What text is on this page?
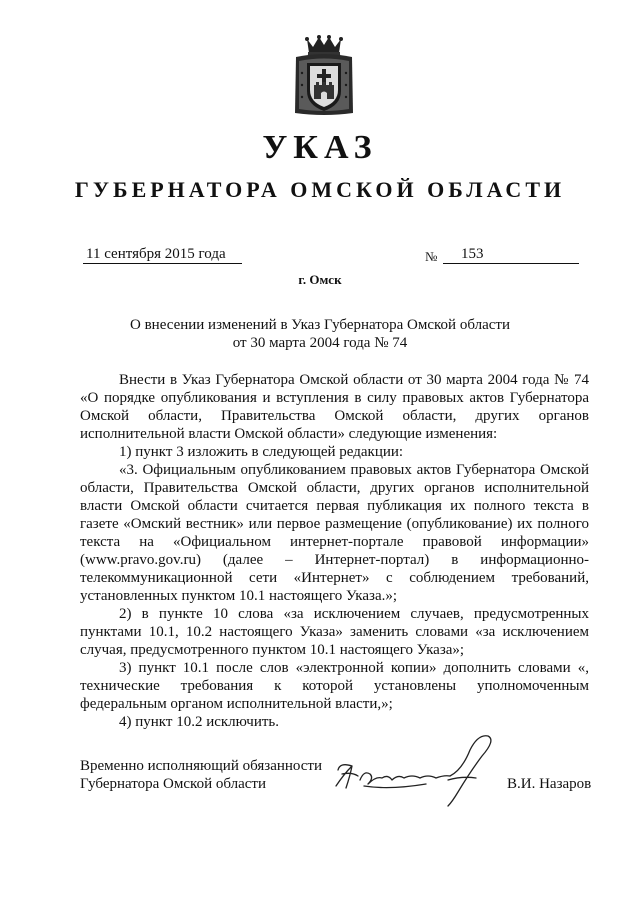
УКАЗ
ГУБЕРНАТОРА ОМСКОЙ ОБЛАСТИ
11 сентября 2015 года	№	153
г. Омск
О внесении изменений в Указ Губернатора Омской области
от 30 марта 2004 года № 74

Внести в Указ Губернатора Омской области от 30 марта 2004 года № 74 «О порядке опубликования и вступления в силу правовых актов Губернатора Омской области, Правительства Омской области, других органов исполнительной власти Омской области» следующие изменения:

1) пункт 3 изложить в следующей редакции:

«3. Официальным опубликованием правовых актов Губернатора Омской области, Правительства Омской области, других органов исполнительной власти Омской области считается первая публикация их полного текста в газете «Омский вестник» или первое размещение (опубликование) их полного текста на «Официальном интернет-портале правовой информации» (www.pravo.gov.ru) (далее – Интернет-портал) в информационно-телекоммуникационной сети «Интернет» с соблюдением требований, установленных пунктом 10.1 настоящего Указа.»;

2) в пункте 10 слова «за исключением случаев, предусмотренных пунктами 10.1, 10.2 настоящего Указа» заменить словами «за исключением случая, предусмотренного пунктом 10.1 настоящего Указа»;

3) пункт 10.1 после слов «электронной копии» дополнить словами «, технические требования к которой установлены уполномоченным федеральным органом исполнительной власти,»;

4) пункт 10.2 исключить.

Временно исполняющий обязанности
Губернатора Омской области	В.И. Назаров
